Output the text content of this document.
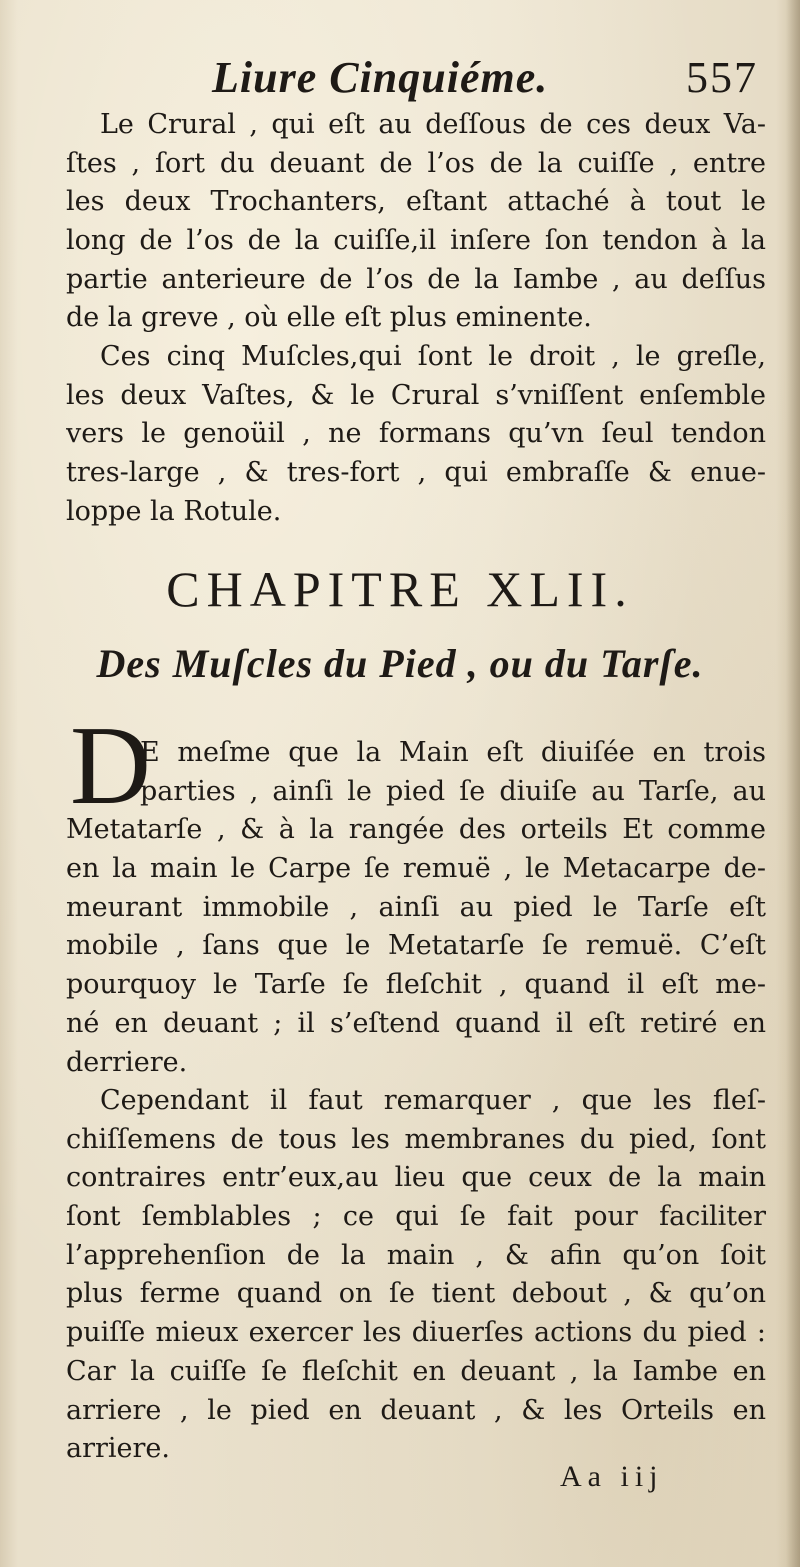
Liure Cinquiéme.	557
Le Crural , qui eſt au deſſous de ces deux Va-
ſtes , ſort du deuant de l’os de la cuiſſe , entre
les deux Trochanters, eſtant attaché à tout le
long de l’os de la cuiſſe,il inſere ſon tendon à la
partie anterieure de l’os de la Iambe , au deſſus
de la greve , où elle eſt plus eminente.
Ces cinq Muſcles,qui ſont le droit , le greſle,
les deux Vaſtes, & le Crural s’vniſſent enſemble
vers le genoüil , ne formans qu’vn ſeul tendon
tres-large , & tres-fort , qui embraſſe & enue-
loppe la Rotule.
CHAPITRE XLII.
Des Muſcles du Pied , ou du Tarſe.
D
E meſme que la Main eſt diuiſée en trois
parties , ainſi le pied ſe diuiſe au Tarſe, au
Metatarſe , & à la rangée des orteils Et comme
en la main le Carpe ſe remuë , le Metacarpe de-
meurant immobile , ainſi au pied le Tarſe eſt
mobile , ſans que le Metatarſe ſe remuë. C’eſt
pourquoy le Tarſe ſe fleſchit , quand il eſt me-
né en deuant ; il s’eſtend quand il eſt retiré en
derriere.
Cependant il faut remarquer , que les fleſ-
chiſſemens de tous les membranes du pied, ſont
contraires entr’eux,au lieu que ceux de la main
ſont ſemblables ; ce qui ſe fait pour faciliter
l’apprehenſion de la main , & afin qu’on ſoit
plus ferme quand on ſe tient debout , & qu’on
puiſſe mieux exercer les diuerſes actions du pied :
Car la cuiſſe ſe fleſchit en deuant , la Iambe en
arriere , le pied en deuant , & les Orteils en
arriere.
Aa iij
